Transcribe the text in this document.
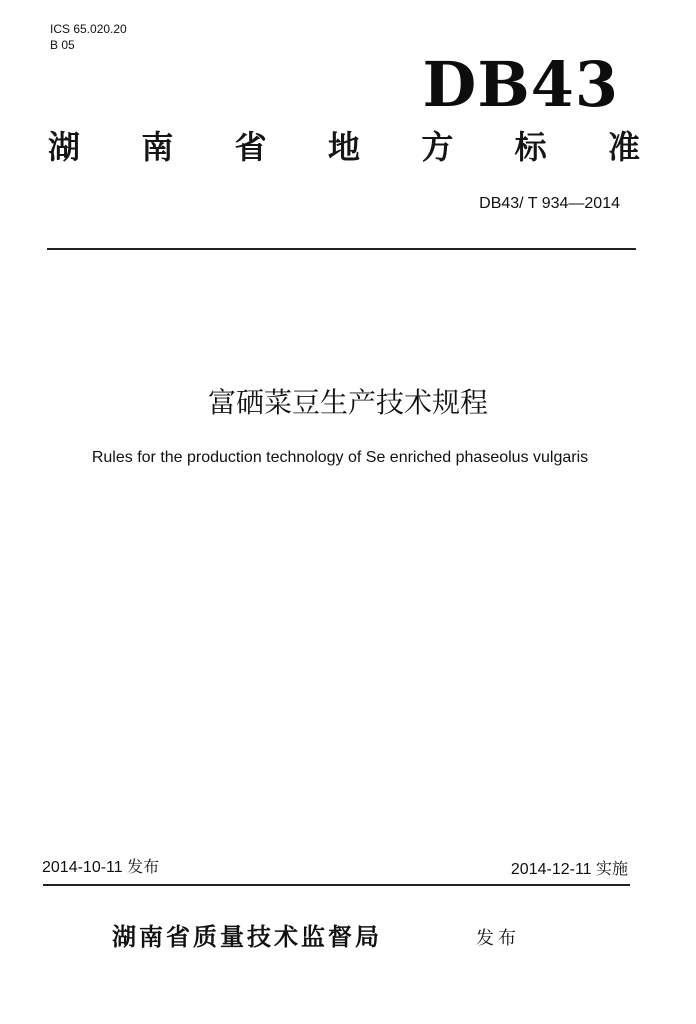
ICS 65.020.20
B 05
DB43
湖 南 省 地 方 标 准
DB43/ T 934—2014
富硒菜豆生产技术规程
Rules for the production technology of Se enriched phaseolus vulgaris
2014-10-11 发布	2014-12-11 实施
湖南省质量技术监督局	发布
